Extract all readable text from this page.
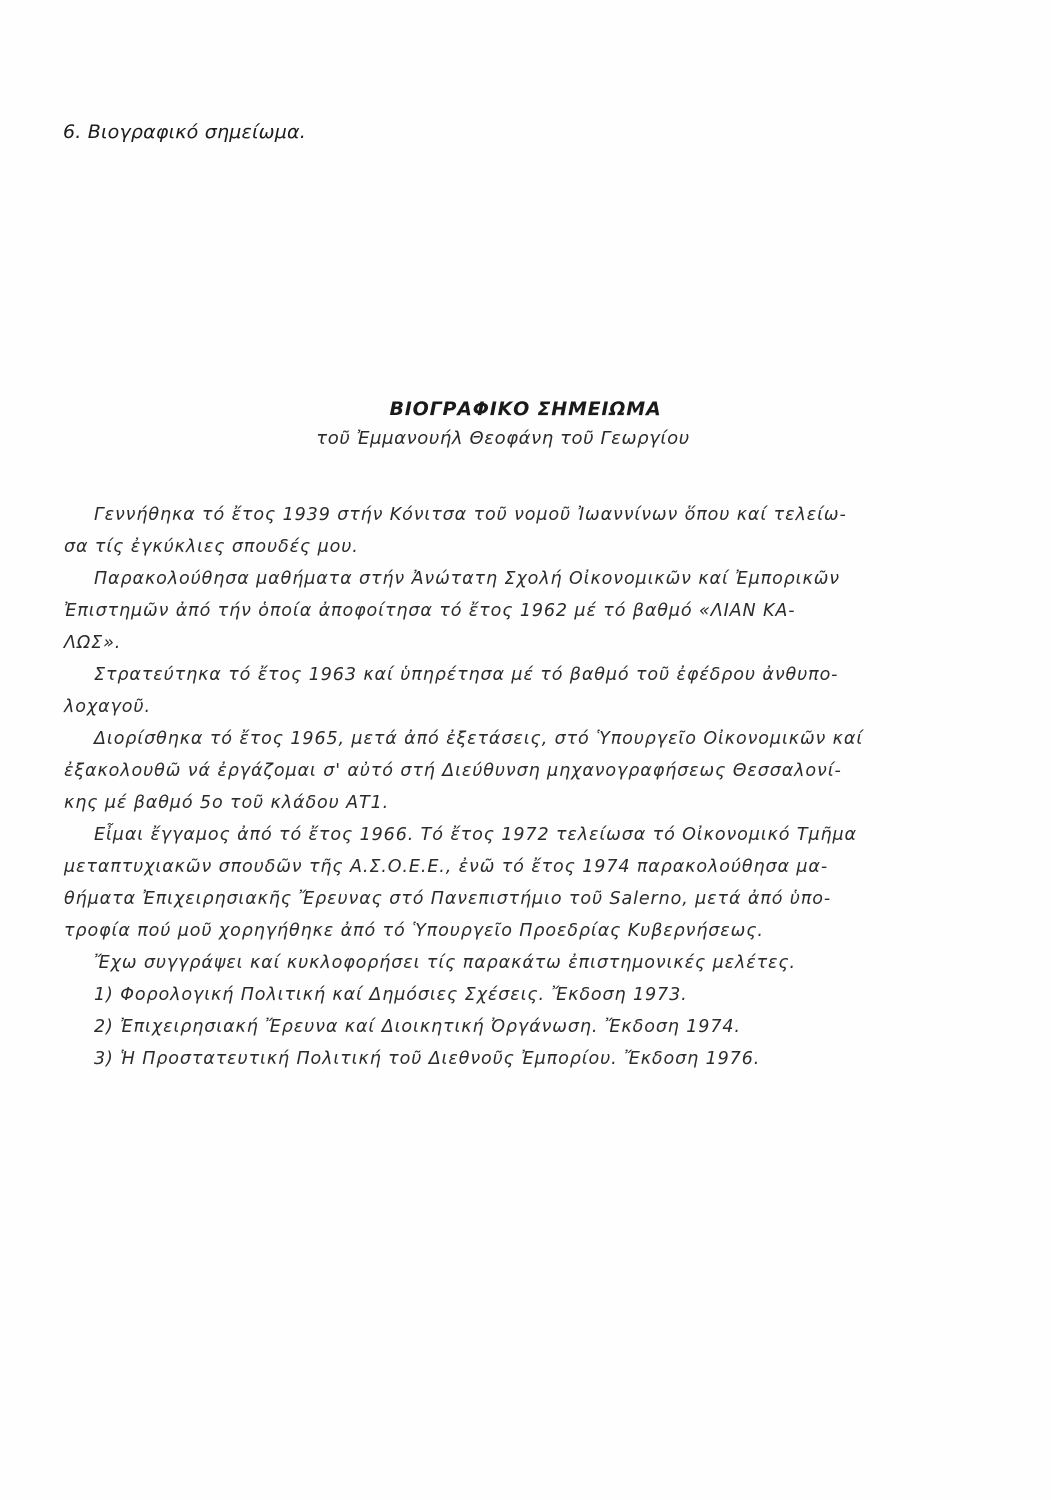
6. Βιογραφικό σημείωμα.
ΒΙΟΓΡΑΦΙΚΟ ΣΗΜΕΙΩΜΑ
τοῦ Ἐμμανουήλ Θεοφάνη τοῦ Γεωργίου
Γεννήθηκα τό ἔτος 1939 στήν Κόνιτσα τοῦ νομοῦ Ἰωαννίνων ὅπου καί τελείω-
σα τίς ἐγκύκλιες σπουδές μου.
Παρακολούθησα μαθήματα στήν Ἀνώτατη Σχολή Οἰκονομικῶν καί Ἐμπορικῶν
Ἐπιστημῶν ἀπό τήν ὁποία ἀποφοίτησα τό ἔτος 1962 μέ τό βαθμό «ΛΙΑΝ ΚΑ-
ΛΩΣ».
Στρατεύτηκα τό ἔτος 1963 καί ὑπηρέτησα μέ τό βαθμό τοῦ ἐφέδρου ἀνθυπο-
λοχαγοῦ.
Διορίσθηκα τό ἔτος 1965, μετά ἀπό ἐξετάσεις, στό Ὑπουργεῖο Οἰκονομικῶν καί
ἐξακολουθῶ νά ἐργάζομαι σ' αὐτό στή Διεύθυνση μηχανογραφήσεως Θεσσαλονί-
κης μέ βαθμό 5ο τοῦ κλάδου ΑΤ1.
Εἶμαι ἔγγαμος ἀπό τό ἔτος 1966. Τό ἔτος 1972 τελείωσα τό Οἰκονομικό Τμῆμα
μεταπτυχιακῶν σπουδῶν τῆς Α.Σ.Ο.Ε.Ε., ἐνῶ τό ἔτος 1974 παρακολούθησα μα-
θήματα Ἐπιχειρησιακῆς Ἔρευνας στό Πανεπιστήμιο τοῦ Salerno, μετά ἀπό ὑπο-
τροφία πού μοῦ χορηγήθηκε ἀπό τό Ὑπουργεῖο Προεδρίας Κυβερνήσεως.
Ἔχω συγγράψει καί κυκλοφορήσει τίς παρακάτω ἐπιστημονικές μελέτες.
1) Φορολογική Πολιτική καί Δημόσιες Σχέσεις. Ἔκδοση 1973.
2) Ἐπιχειρησιακή Ἔρευνα καί Διοικητική Ὀργάνωση. Ἔκδοση 1974.
3) Ἡ Προστατευτική Πολιτική τοῦ Διεθνοῦς Ἐμπορίου. Ἔκδοση 1976.
